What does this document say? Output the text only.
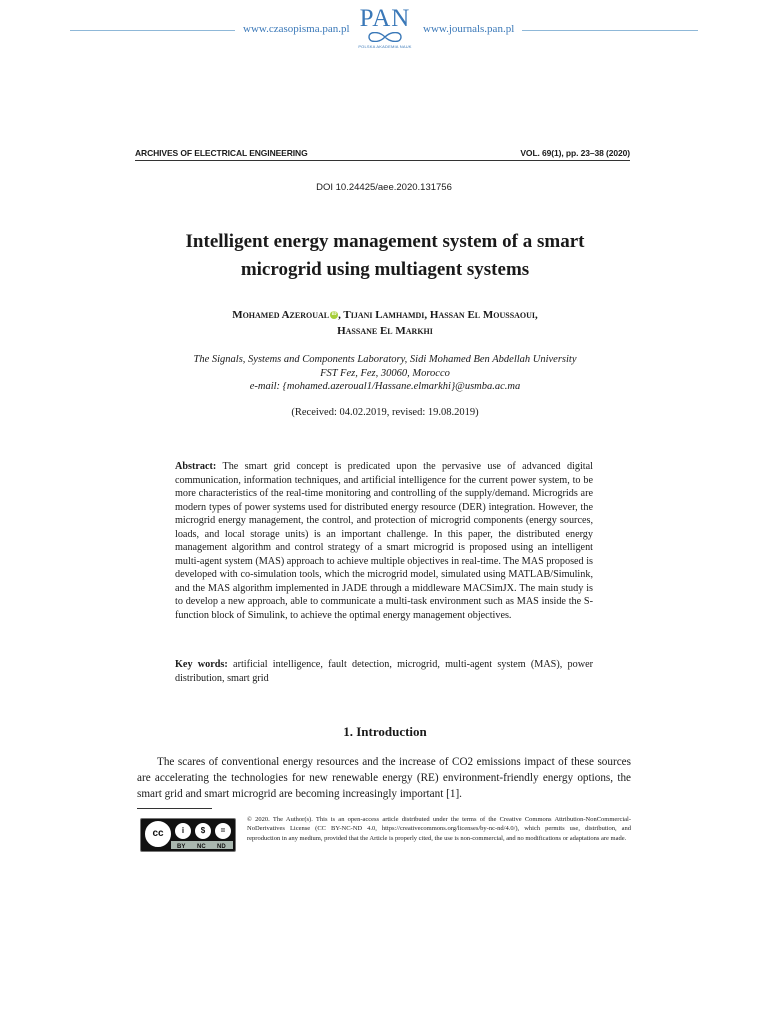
www.czasopisma.pan.pl PAN
POLSKA AKADEMIA NAUK
www.journals.pan.pl
ARCHIVES OF ELECTRICAL ENGINEERING	VOL. 69(1), pp. 23–38 (2020)
DOI 10.24425/aee.2020.131756
Intelligent energy management system of a smart
microgrid using multiagent systems
Mohamed Azeroual iD , Tijani Lamhamdi, Hassan El Moussaoui,
Hassane El Markhi
The Signals, Systems and Components Laboratory, Sidi Mohamed Ben Abdellah University
FST Fez, Fez, 30060, Morocco
e-mail: {mohamed.azeroual1/Hassane.elmarkhi}@usmba.ac.ma
(Received: 04.02.2019, revised: 19.08.2019)
Abstract: The smart grid concept is predicated upon the pervasive use of advanced digital communication, information techniques, and artificial intelligence for the current power system, to be more characteristics of the real-time monitoring and controlling of the supply/demand. Microgrids are modern types of power systems used for distributed energy resource (DER) integration. However, the microgrid energy management, the control, and protection of microgrid components (energy sources, loads, and local storage units) is an important challenge. In this paper, the distributed energy management algorithm and control strategy of a smart microgrid is proposed using an intelligent multi-agent system (MAS) approach to achieve multiple objectives in real-time. The MAS proposed is developed with co-simulation tools, which the microgrid model, simulated using MATLAB/Simulink, and the MAS algorithm implemented in JADE through a middleware MACSimJX. The main study is to develop a new approach, able to communicate a multi-task environment such as MAS inside the S-function block of Simulink, to achieve the optimal energy management objectives.
Key words: artificial intelligence, fault detection, microgrid, multi-agent system (MAS), power distribution, smart grid
1. Introduction
The scares of conventional energy resources and the increase of CO2 emissions impact of these sources are accelerating the technologies for new renewable energy (RE) environment-friendly energy options, the smart grid and smart microgrid are becoming increasingly important [1].
cc	i	$	=
BY NC ND
© 2020. The Author(s). This is an open-access article distributed under the terms of the Creative Commons Attribution-NonCommercial-NoDerivatives License (CC BY-NC-ND 4.0, https://creativecommons.org/licenses/by-nc-nd/4.0/), which permits use, distribution, and reproduction in any medium, provided that the Article is properly cited, the use is non-commercial, and no modifications or adaptations are made.
